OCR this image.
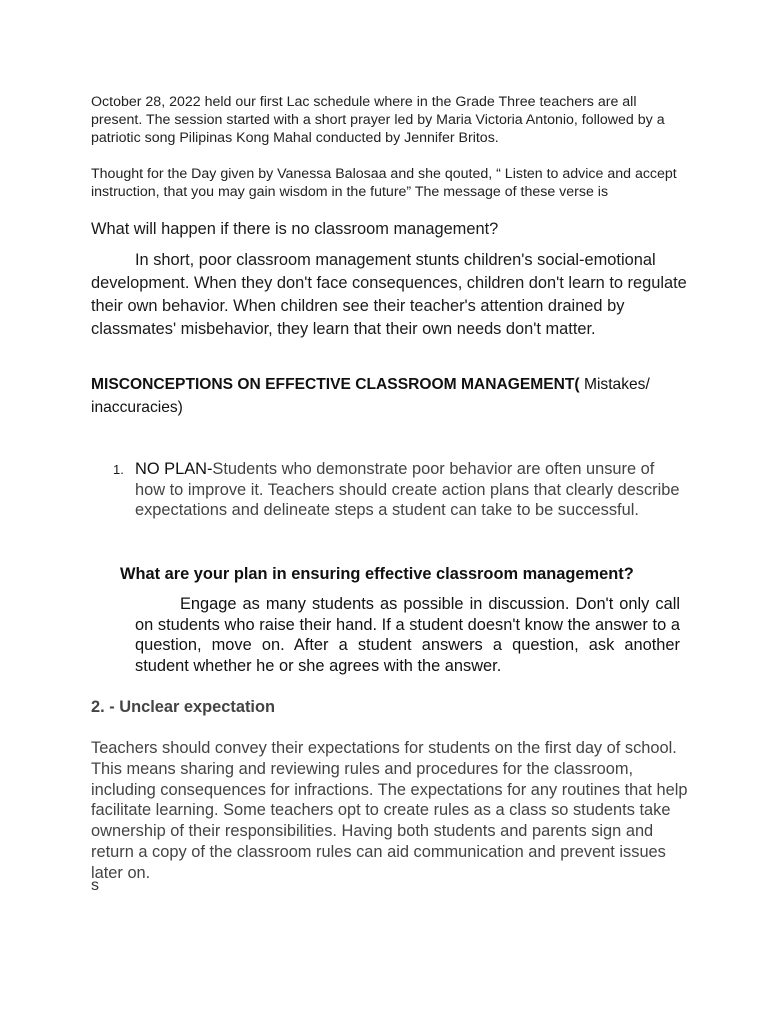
October 28, 2022 held our first Lac schedule where in the Grade Three teachers are all present. The session started with a short prayer led by Maria Victoria Antonio, followed by a patriotic song Pilipinas Kong Mahal conducted by Jennifer Britos.

Thought for the Day given by Vanessa Balosaa and she qouted, “ Listen to advice and accept instruction, that you may gain wisdom in the future” The message of these verse is

What will happen if there is no classroom management?

In short, poor classroom management stunts children's social-emotional development. When they don't face consequences, children don't learn to regulate their own behavior. When children see their teacher's attention drained by classmates' misbehavior, they learn that their own needs don't matter.

MISCONCEPTIONS ON EFFECTIVE CLASSROOM MANAGEMENT( Mistakes/ inaccuracies)

1. NO PLAN-Students who demonstrate poor behavior are often unsure of how to improve it. Teachers should create action plans that clearly describe expectations and delineate steps a student can take to be successful.

What are your plan in ensuring effective classroom management?

Engage as many students as possible in discussion. Don't only call on students who raise their hand. If a student doesn't know the answer to a question, move on. After a student answers a question, ask another student whether he or she agrees with the answer.

2. - Unclear expectation

Teachers should convey their expectations for students on the first day of school. This means sharing and reviewing rules and procedures for the classroom, including consequences for infractions. The expectations for any routines that help facilitate learning. Some teachers opt to create rules as a class so students take ownership of their responsibilities. Having both students and parents sign and return a copy of the classroom rules can aid communication and prevent issues later on.

s
